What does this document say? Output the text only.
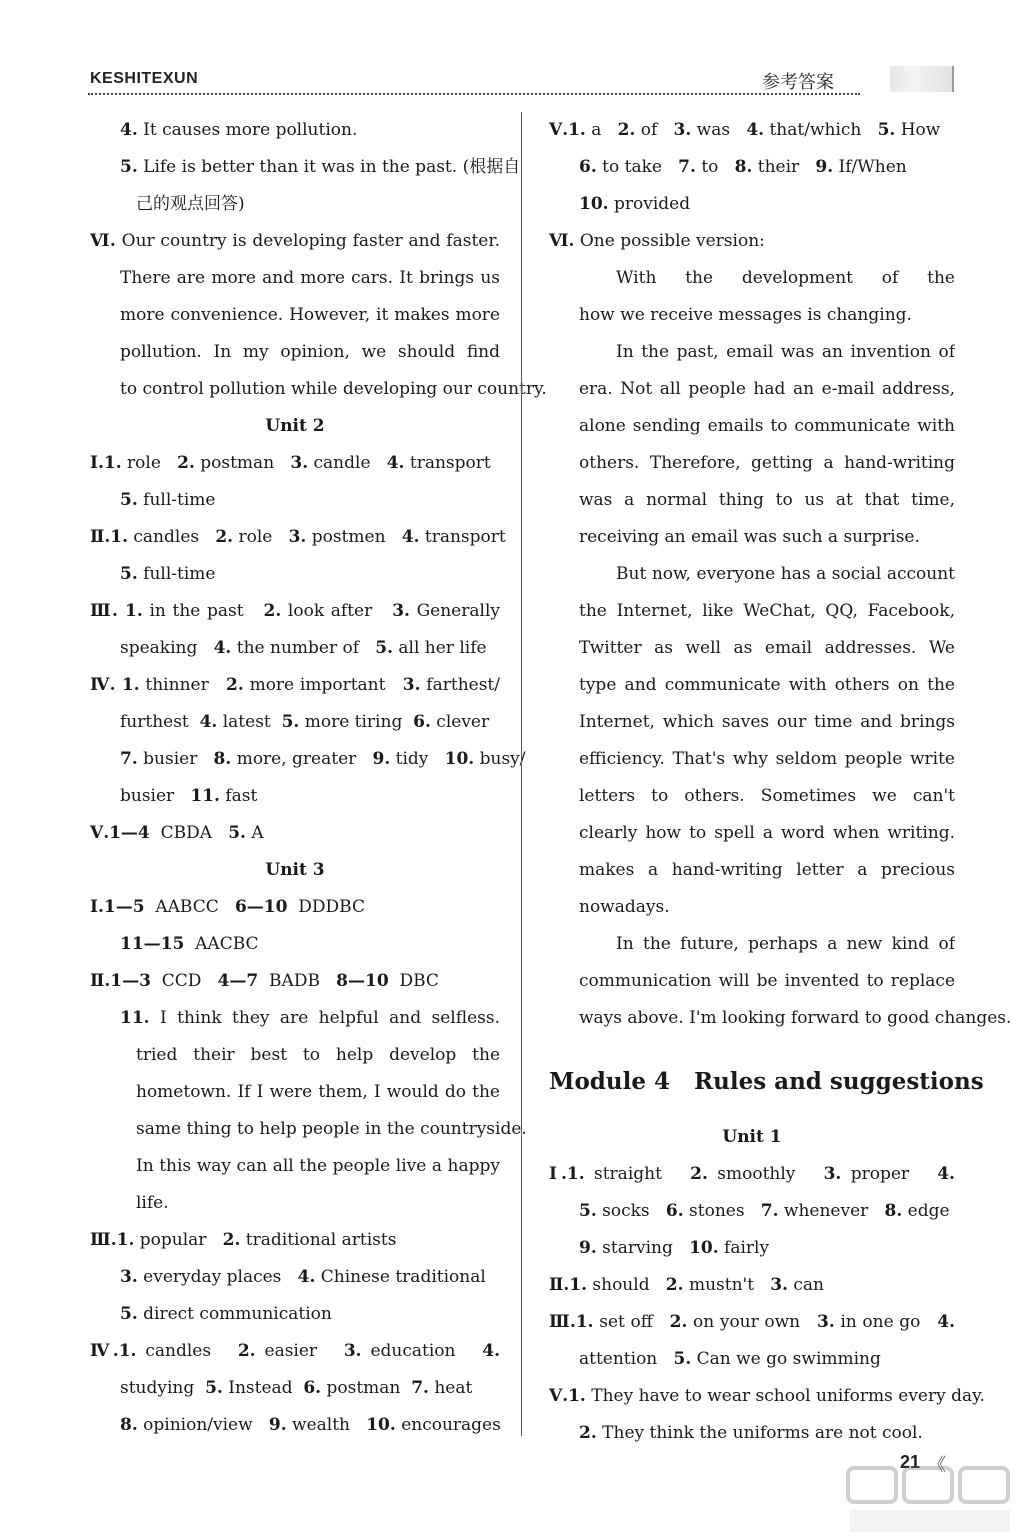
KESHITEXUN	参考答案
4. It causes more pollution.
5. Life is better than it was in the past. (根据自
己的观点回答)
Ⅵ. Our country is developing faster and faster.
There are more and more cars. It brings us
more convenience. However, it makes more
pollution. In my opinion, we should find
to control pollution while developing our country.
Unit 2
Ⅰ.1. role   2. postman   3. candle   4. transport
5. full-time
Ⅱ.1. candles   2. role   3. postmen   4. transport
5. full-time
Ⅲ. 1. in the past   2. look after   3. Generally
speaking   4. the number of   5. all her life
Ⅳ. 1. thinner   2. more important   3. farthest/
furthest  4. latest  5. more tiring  6. clever
7. busier   8. more, greater   9. tidy   10. busy/
busier   11. fast
Ⅴ.1—4  CBDA   5. A
Unit 3
Ⅰ.1—5  AABCC   6—10  DDDBC
11—15  AACBC
Ⅱ.1—3  CCD   4—7  BADB   8—10  DBC
11. I think they are helpful and selfless.
tried their best to help develop the
hometown. If I were them, I would do the
same thing to help people in the countryside.
In this way can all the people live a happy
life.
Ⅲ.1. popular   2. traditional artists
3. everyday places   4. Chinese traditional
5. direct communication
Ⅳ.1. candles   2. easier   3. education   4.
studying  5. Instead  6. postman  7. heat
8. opinion/view   9. wealth   10. encourages
Ⅴ.1. a   2. of   3. was   4. that/which   5. How
6. to take   7. to   8. their   9. If/When
10. provided
Ⅵ. One possible version:
With the development of the
how we receive messages is changing.
In the past, email was an invention of
era. Not all people had an e-mail address,
alone sending emails to communicate with
others. Therefore, getting a hand-writing
was a normal thing to us at that time,
receiving an email was such a surprise.
But now, everyone has a social account
the Internet, like WeChat, QQ, Facebook,
Twitter as well as email addresses. We
type and communicate with others on the
Internet, which saves our time and brings
efficiency. That's why seldom people write
letters to others. Sometimes we can't
clearly how to spell a word when writing.
makes a hand-writing letter a precious
nowadays.
In the future, perhaps a new kind of
communication will be invented to replace
ways above. I'm looking forward to good changes.
Module 4   Rules and suggestions
Unit 1
Ⅰ.1. straight   2. smoothly   3. proper   4.
5. socks   6. stones   7. whenever   8. edge
9. starving   10. fairly
Ⅱ.1. should   2. mustn't   3. can
Ⅲ.1. set off   2. on your own   3. in one go   4.
attention   5. Can we go swimming
Ⅴ.1. They have to wear school uniforms every day.
2. They think the uniforms are not cool.
21 《
